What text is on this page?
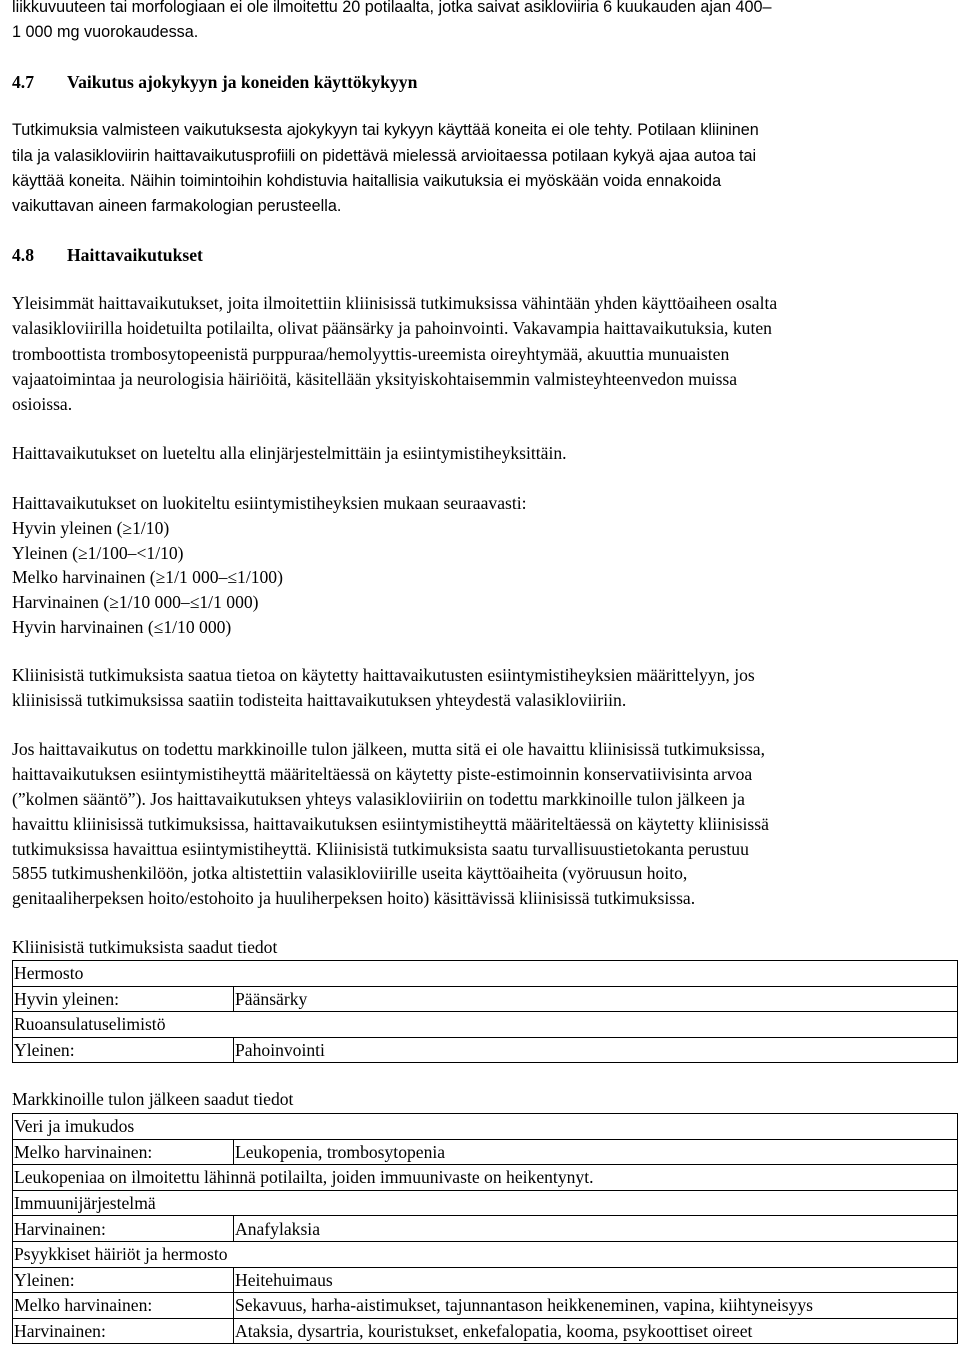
liikkuvuuteen tai morfologiaan ei ole ilmoitettu 20 potilaalta, jotka saivat asikloviiria 6 kuukauden ajan 400–
1 000 mg vuorokaudessa.
4.7 Vaikutus ajokykyyn ja koneiden käyttökykyyn
Tutkimuksia valmisteen vaikutuksesta ajokykyyn tai kykyyn käyttää koneita ei ole tehty. Potilaan kliininen
tila ja valasikloviirin haittavaikutusprofiili on pidettävä mielessä arvioitaessa potilaan kykyä ajaa autoa tai
käyttää koneita. Näihin toimintoihin kohdistuvia haitallisia vaikutuksia ei myöskään voida ennakoida
vaikuttavan aineen farmakologian perusteella.
4.8 Haittavaikutukset
Yleisimmät haittavaikutukset, joita ilmoitettiin kliinisissä tutkimuksissa vähintään yhden käyttöaiheen osalta
valasikloviirilla hoidetuilta potilailta, olivat päänsärky ja pahoinvointi. Vakavampia haittavaikutuksia, kuten
tromboottista trombosytopeenistä purppuraa/hemolyyttis-ureemista oireyhtymää, akuuttia munuaisten
vajaatoimintaa ja neurologisia häiriöitä, käsitellään yksityiskohtaisemmin valmisteyhteenvedon muissa
osioissa.
Haittavaikutukset on lueteltu alla elinjärjestelmittäin ja esiintymistiheyksittäin.
Haittavaikutukset on luokiteltu esiintymistiheyksien mukaan seuraavasti:
Hyvin yleinen (≥1/10)
Yleinen (≥1/100–<1/10)
Melko harvinainen (≥1/1 000–≤1/100)
Harvinainen (≥1/10 000–≤1/1 000)
Hyvin harvinainen (≤1/10 000)
Kliinisistä tutkimuksista saatua tietoa on käytetty haittavaikutusten esiintymistiheyksien määrittelyyn, jos
kliinisissä tutkimuksissa saatiin todisteita haittavaikutuksen yhteydestä valasikloviiriin.
Jos haittavaikutus on todettu markkinoille tulon jälkeen, mutta sitä ei ole havaittu kliinisissä tutkimuksissa,
haittavaikutuksen esiintymistiheyttä määriteltäessä on käytetty piste-estimoinnin konservatiivisinta arvoa
(”kolmen sääntö”). Jos haittavaikutuksen yhteys valasikloviiriin on todettu markkinoille tulon jälkeen ja
havaittu kliinisissä tutkimuksissa, haittavaikutuksen esiintymistiheyttä määriteltäessä on käytetty kliinisissä
tutkimuksissa havaittua esiintymistiheyttä. Kliinisistä tutkimuksista saatu turvallisuustietokanta perustuu
5855 tutkimushenkilöön, jotka altistettiin valasikloviirille useita käyttöaiheita (vyöruusun hoito,
genitaaliherpeksen hoito/estohoito ja huuliherpeksen hoito) käsittävissä kliinisissä tutkimuksissa.
Kliinisistä tutkimuksista saadut tiedot
Hermosto	
Hyvin yleinen:	Päänsärky
Ruoansulatuselimistö	
Yleinen:	Pahoinvointi
Markkinoille tulon jälkeen saadut tiedot
Veri ja imukudos	
Melko harvinainen:	Leukopenia, trombosytopenia
Leukopeniaa on ilmoitettu lähinnä potilailta, joiden immuunivaste on heikentynyt.	
Immuunijärjestelmä	
Harvinainen:	Anafylaksia
Psyykkiset häiriöt ja hermosto	
Yleinen:	Heitehuimaus
Melko harvinainen:	Sekavuus, harha-aistimukset, tajunnantason heikkeneminen, vapina, kiihtyneisyys
Harvinainen:	Ataksia, dysartria, kouristukset, enkefalopatia, kooma, psykoottiset oireet
